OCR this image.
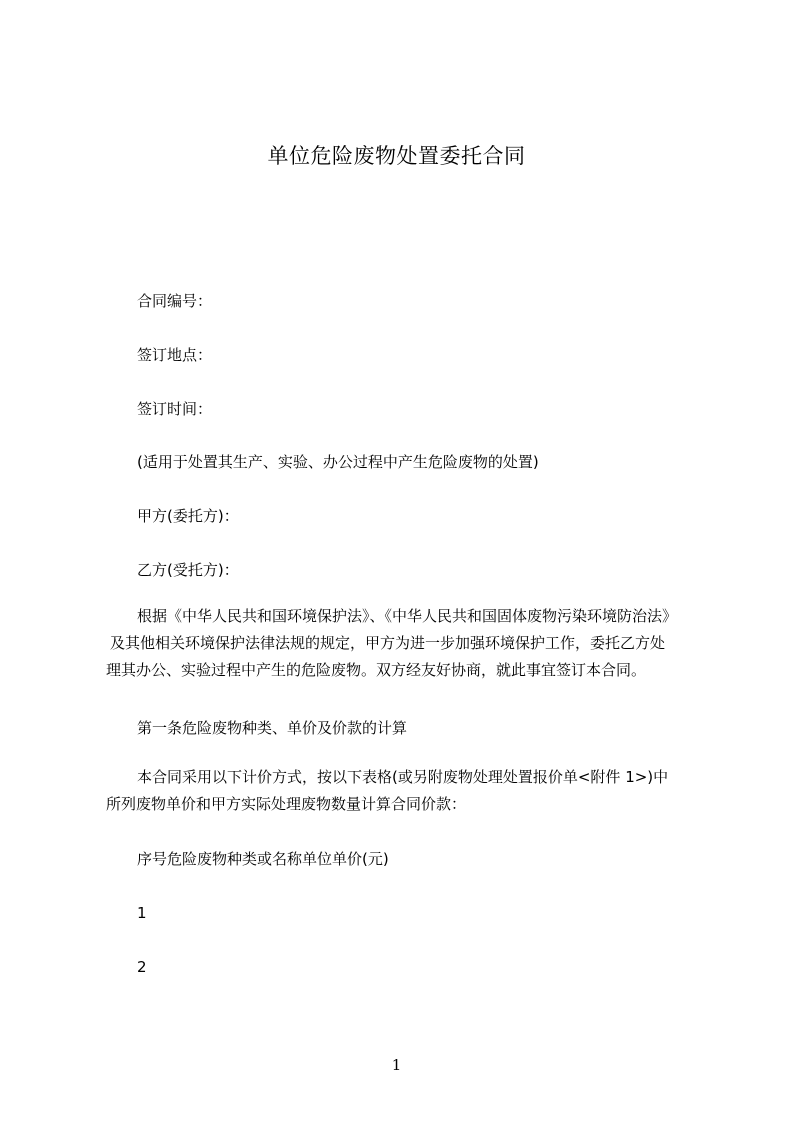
单位危险废物处置委托合同
合同编号：
签订地点：
签订时间：
(适用于处置其生产、实验、办公过程中产生危险废物的处置)
甲方(委托方)：
乙方(受托方)：
根据《中华人民共和国环境保护法》、《中华人民共和国固体废物污染环境防治法》
及其他相关环境保护法律法规的规定，甲方为进一步加强环境保护工作，委托乙方处
理其办公、实验过程中产生的危险废物。双方经友好协商，就此事宜签订本合同。
第一条危险废物种类、单价及价款的计算
本合同采用以下计价方式，按以下表格(或另附废物处理处置报价单<附件 1>)中
所列废物单价和甲方实际处理废物数量计算合同价款：
序号危险废物种类或名称单位单价(元)
1
2
1
